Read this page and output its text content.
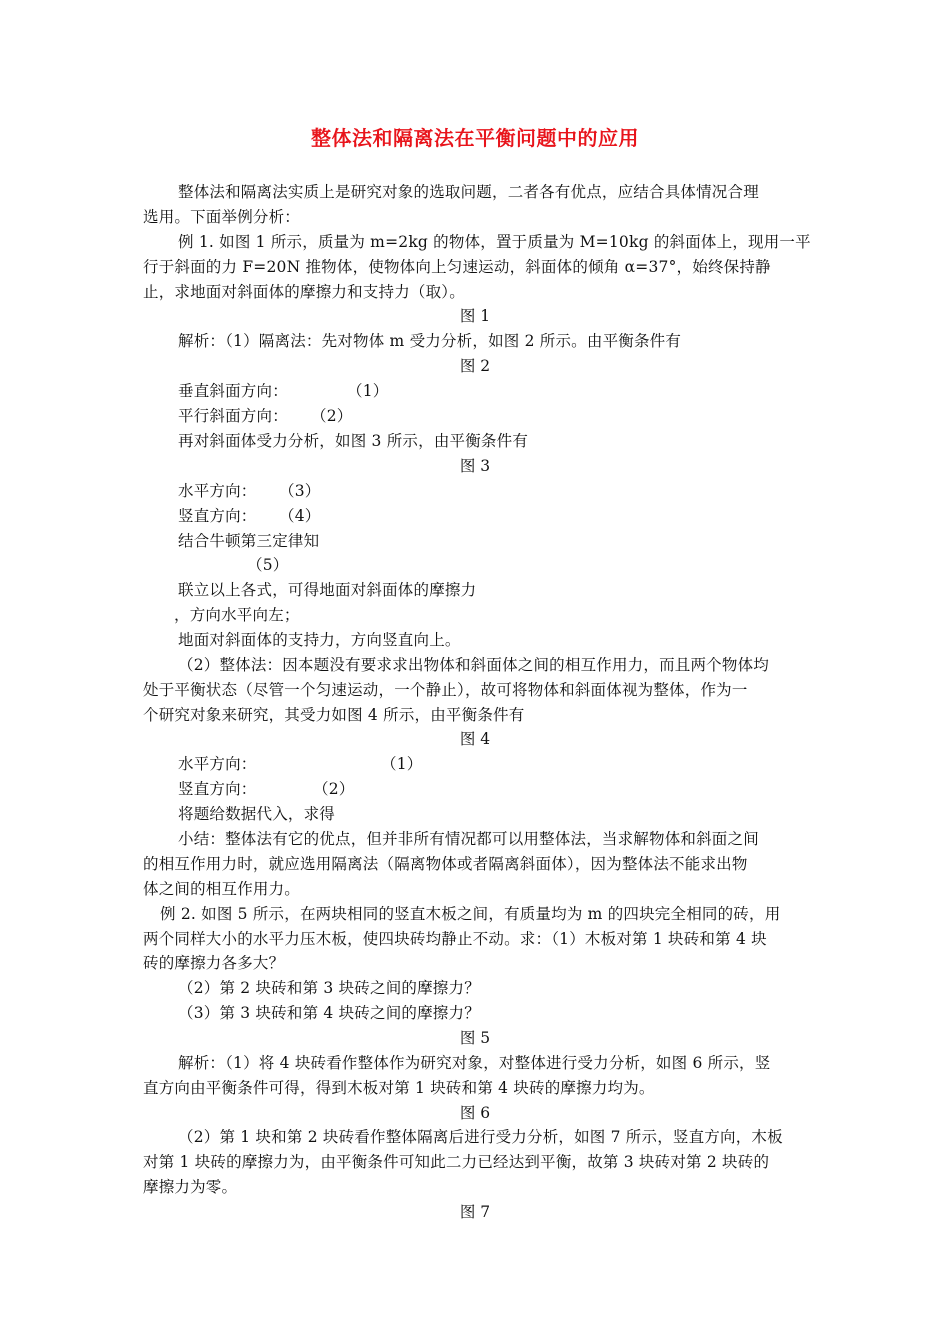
整体法和隔离法在平衡问题中的应用
整体法和隔离法实质上是研究对象的选取问题，二者各有优点，应结合具体情况合理
选用。下面举例分析：
例 1. 如图 1 所示，质量为 m=2kg 的物体，置于质量为 M=10kg 的斜面体上，现用一平
行于斜面的力 F=20N 推物体，使物体向上匀速运动，斜面体的倾角 α=37°，始终保持静
止，求地面对斜面体的摩擦力和支持力（取）。
图 1
解析：（1）隔离法：先对物体 m 受力分析，如图 2 所示。由平衡条件有
图 2
垂直斜面方向：	（1）
平行斜面方向： （2）
再对斜面体受力分析，如图 3 所示，由平衡条件有
图 3
水平方向： （3）
竖直方向： （4）
结合牛顿第三定律知
（5）
联立以上各式，可得地面对斜面体的摩擦力
，方向水平向左；
地面对斜面体的支持力，方向竖直向上。
（2）整体法：因本题没有要求求出物体和斜面体之间的相互作用力，而且两个物体均
处于平衡状态（尽管一个匀速运动，一个静止），故可将物体和斜面体视为整体，作为一
个研究对象来研究，其受力如图 4 所示，由平衡条件有
图 4
水平方向：	（1）
竖直方向：	（2）
将题给数据代入，求得
小结：整体法有它的优点，但并非所有情况都可以用整体法，当求解物体和斜面之间
的相互作用力时，就应选用隔离法（隔离物体或者隔离斜面体），因为整体法不能求出物
体之间的相互作用力。
例 2. 如图 5 所示，在两块相同的竖直木板之间，有质量均为 m 的四块完全相同的砖，用
两个同样大小的水平力压木板，使四块砖均静止不动。求：（1）木板对第 1 块砖和第 4 块
砖的摩擦力各多大？
（2）第 2 块砖和第 3 块砖之间的摩擦力？
（3）第 3 块砖和第 4 块砖之间的摩擦力？
图 5
解析：（1）将 4 块砖看作整体作为研究对象，对整体进行受力分析，如图 6 所示，竖
直方向由平衡条件可得，得到木板对第 1 块砖和第 4 块砖的摩擦力均为。
图 6
（2）第 1 块和第 2 块砖看作整体隔离后进行受力分析，如图 7 所示，竖直方向，木板
对第 1 块砖的摩擦力为，由平衡条件可知此二力已经达到平衡，故第 3 块砖对第 2 块砖的
摩擦力为零。
图 7
